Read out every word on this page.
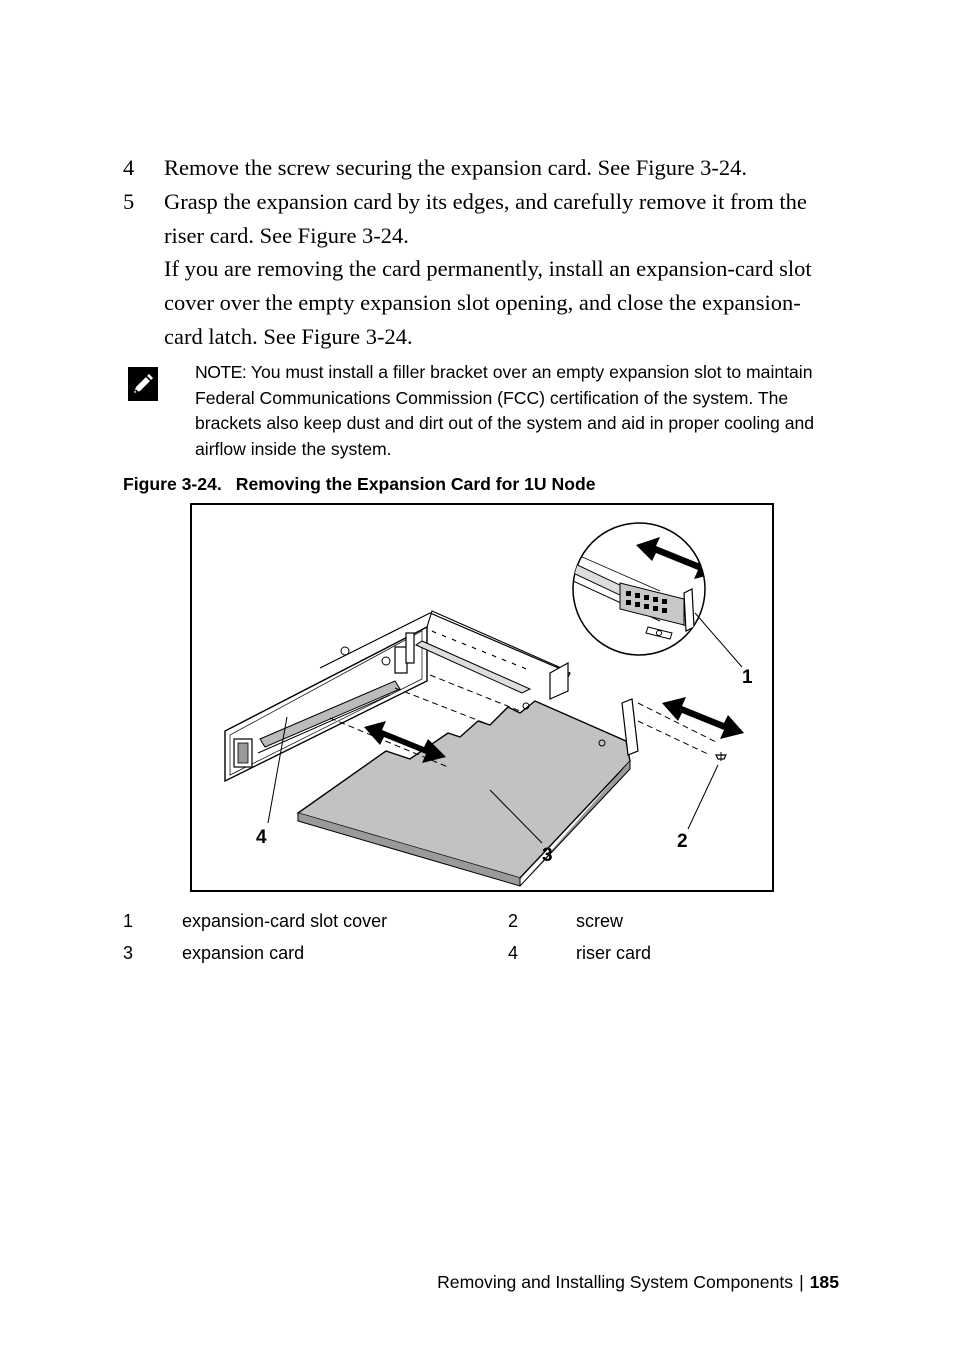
4 Remove the screw securing the expansion card. See Figure 3-24.
5 Grasp the expansion card by its edges, and carefully remove it from the riser card. See Figure 3-24.
If you are removing the card permanently, install an expansion-card slot cover over the empty expansion slot opening, and close the expansion-card latch. See Figure 3-24.
NOTE: You must install a filler bracket over an empty expansion slot to maintain Federal Communications Commission (FCC) certification of the system. The brackets also keep dust and dirt out of the system and aid in proper cooling and airflow inside the system.
Figure 3-24. Removing the Expansion Card for 1U Node
1
2
3
4
1	expansion-card slot cover	2	screw
3	expansion card	4	riser card
Removing and Installing System Components | 185
